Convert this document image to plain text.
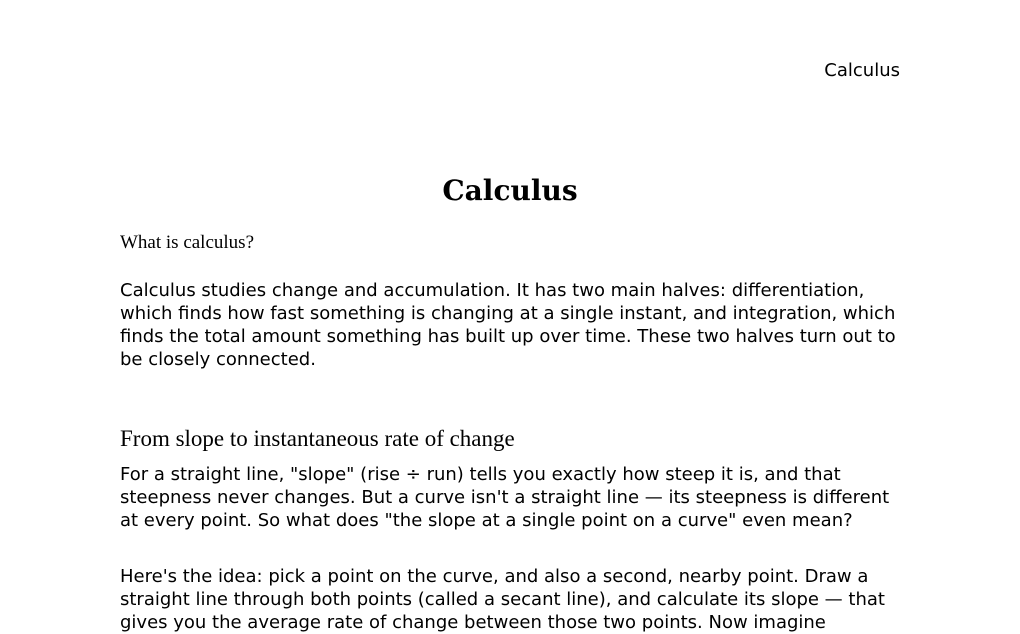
Calculus
Calculus

What is calculus?

Calculus studies change and accumulation. It has two main halves: differentiation, which finds how fast something is changing at a single instant, and integration, which finds the total amount something has built up over time. These two halves turn out to be closely connected.

From slope to instantaneous rate of change

For a straight line, "slope" (rise ÷ run) tells you exactly how steep it is, and that steepness never changes. But a curve isn't a straight line — its steepness is different at every point. So what does "the slope at a single point on a curve" even mean?

Here's the idea: pick a point on the curve, and also a second, nearby point. Draw a straight line through both points (called a secant line), and calculate its slope — that gives you the average rate of change between those two points. Now imagine
